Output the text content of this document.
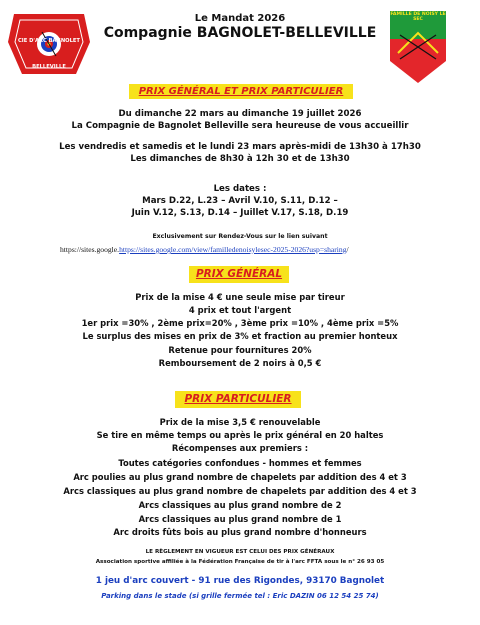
CIE D'ARC BAGNOLET BELLEVILLE
FAMILLE DE NOISY LE SEC
Le Mandat 2026
Compagnie BAGNOLET-BELLEVILLE
PRIX GÉNÉRAL ET PRIX PARTICULIER
Du dimanche 22 mars au dimanche 19 juillet 2026
La Compagnie de Bagnolet Belleville sera heureuse de vous accueillir
Les vendredis et samedis et le lundi 23 mars après-midi de 13h30 à 17h30
Les dimanches de 8h30 à 12h 30 et de 13h30
Les dates :
Mars D.22, L.23 – Avril V.10, S.11, D.12 –
Juin V.12, S.13, D.14 – Juillet V.17, S.18, D.19
Exclusivement sur Rendez-Vous sur le lien suivant
https://sites.google.https://sites.google.com/view/familledenoisylesec-2025-2026?usp=sharing/
PRIX GÉNÉRAL
Prix de la mise 4 € une seule mise par tireur
4 prix et tout l'argent
1er prix =30% , 2ème prix=20% , 3ème prix =10% , 4ème prix =5%
Le surplus des mises en prix de 3% et fraction au premier honteux
Retenue pour fournitures 20%
Remboursement de 2 noirs à 0,5 €
PRIX PARTICULIER
Prix de la mise 3,5 € renouvelable
Se tire en même temps ou après le prix général en 20 haltes
Récompenses aux premiers :
Toutes catégories confondues - hommes et femmes
Arc poulies au plus grand nombre de chapelets par addition des 4 et 3
Arcs classiques au plus grand nombre de chapelets par addition des 4 et 3
Arcs classiques au plus grand nombre de 2
Arcs classiques au plus grand nombre de 1
Arc droits fûts bois au plus grand nombre d'honneurs
LE RÈGLEMENT EN VIGUEUR EST CELUI DES PRIX GÉNÉRAUX
Association sportive affiliée à la Fédération Française de tir à l'arc FFTA sous le n° 26 93 05
1 jeu d'arc couvert - 91 rue des Rigondes, 93170 Bagnolet
Parking dans le stade (si grille fermée tel : Eric DAZIN 06 12 54 25 74)
